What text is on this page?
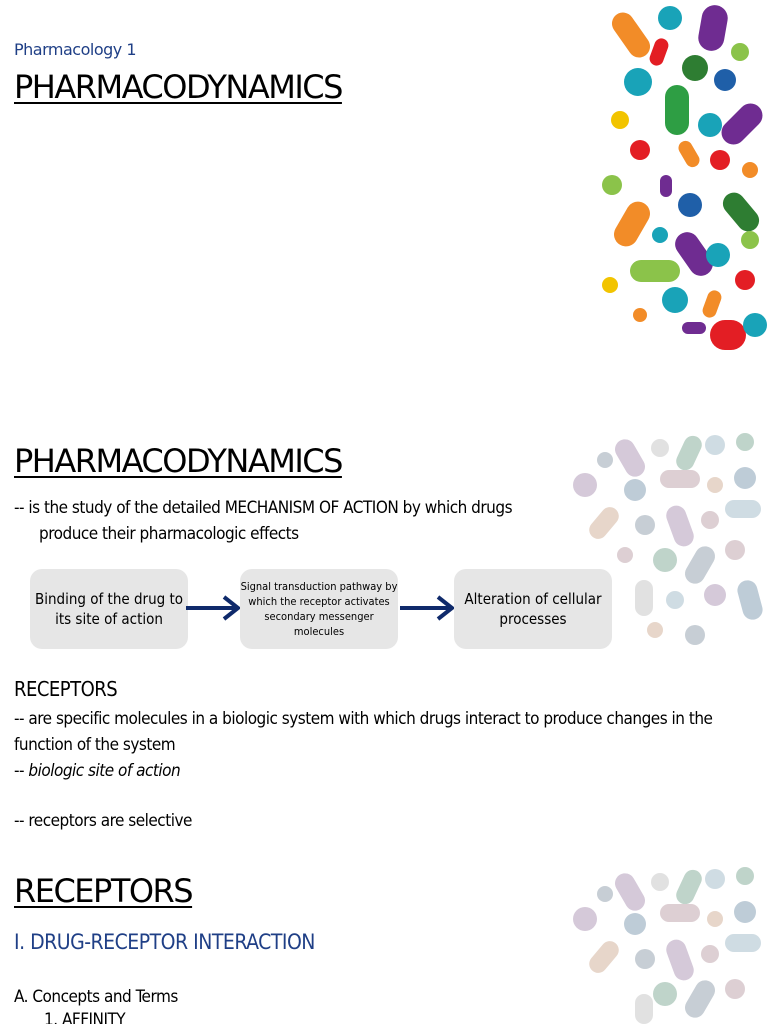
Pharmacology 1
PHARMACODYNAMICS
PHARMACODYNAMICS
-- is the study of the detailed MECHANISM OF ACTION by which drugs
produce their pharmacologic effects
Binding of the drug to its site of action
Signal transduction pathway by which the receptor activates secondary messenger molecules
Alteration of cellular processes
RECEPTORS
-- are specific molecules in a biologic system with which drugs interact to produce changes in the function of the system
-- biologic site of action
-- receptors are selective
RECEPTORS
I. DRUG-RECEPTOR INTERACTION
A. Concepts and Terms
1. AFFINITY
